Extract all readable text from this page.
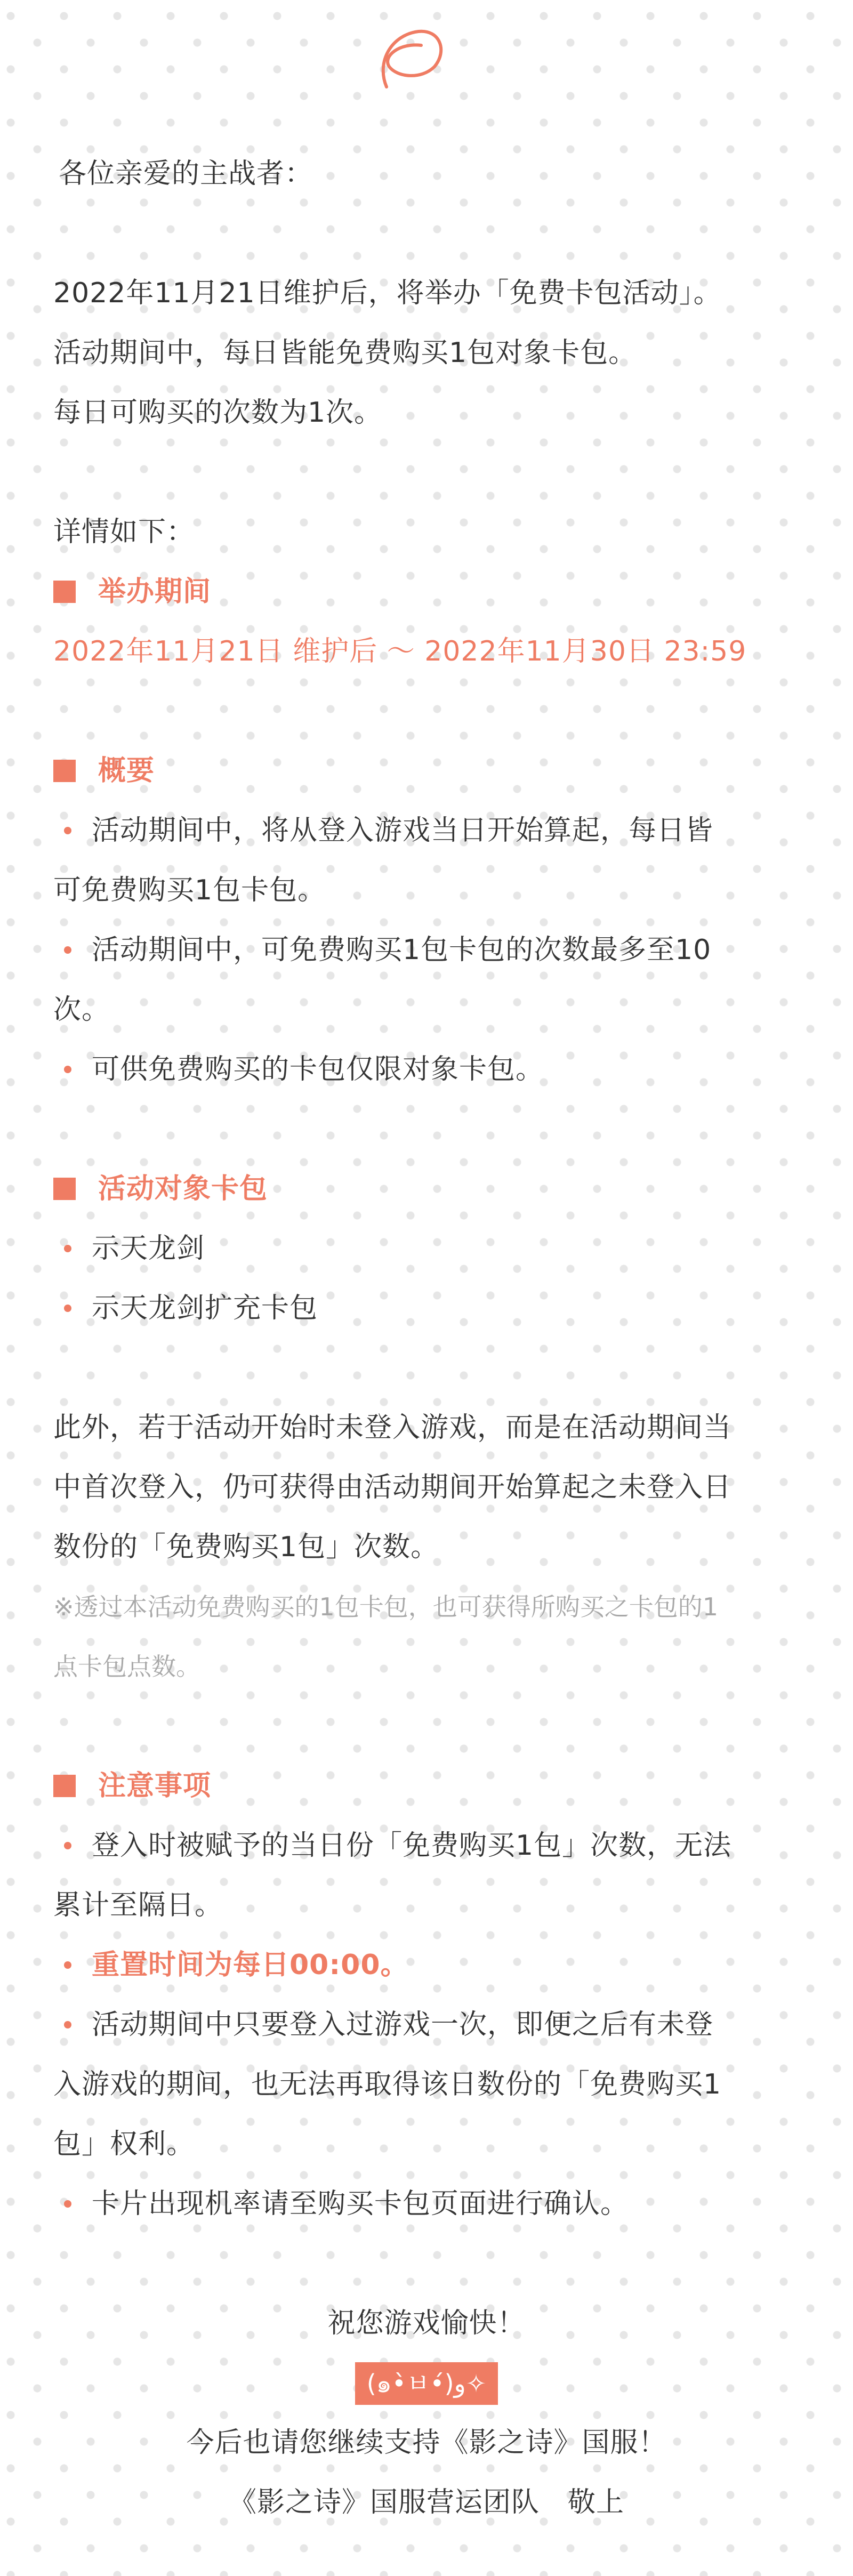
各位亲爱的主战者：
2022年11月21日维护后，将举办「免费卡包活动」。
活动期间中，每日皆能免费购买1包对象卡包。
每日可购买的次数为1次。
详情如下：
举办期间
2022年11月21日 维护后 ～ 2022年11月30日 23:59
概要
活动期间中，将从登入游戏当日开始算起，每日皆
可免费购买1包卡包。
活动期间中，可免费购买1包卡包的次数最多至10
次。
可供免费购买的卡包仅限对象卡包。
活动对象卡包
示天龙剑
示天龙剑扩充卡包
此外，若于活动开始时未登入游戏，而是在活动期间当
中首次登入，仍可获得由活动期间开始算起之未登入日
数份的「免费购买1包」次数。
※透过本活动免费购买的1包卡包，也可获得所购买之卡包的1
点卡包点数。
注意事项
登入时被赋予的当日份「免费购买1包」次数，无法
累计至隔日。
重置时间为每日00:00。
活动期间中只要登入过游戏一次，即便之后有未登
入游戏的期间，也无法再取得该日数份的「免费购买1
包」权利。
卡片出现机率请至购买卡包页面进行确认。
祝您游戏愉快！
(๑•̀ㅂ•́)و✧
今后也请您继续支持《影之诗》国服！
《影之诗》国服营运团队　敬上
